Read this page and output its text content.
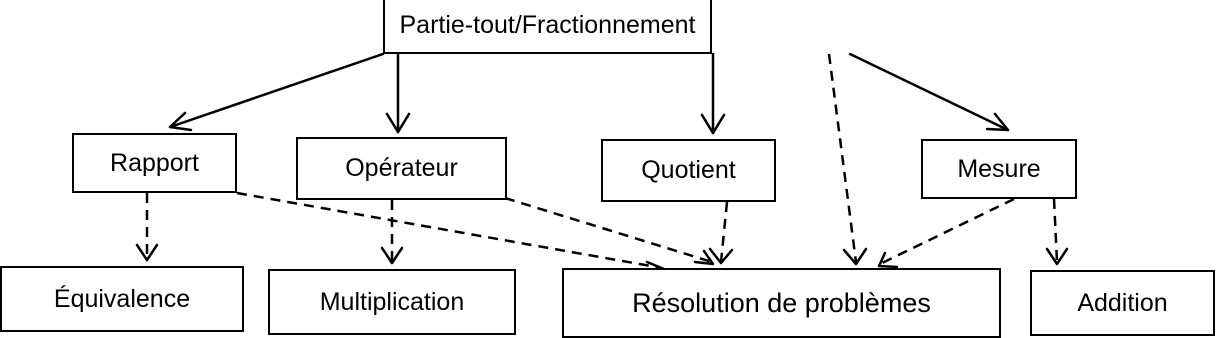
Partie-tout/Fractionnement
Rapport	Opérateur	Quotient	Mesure
Équivalence	Multiplication	Résolution de problèmes	Addition
